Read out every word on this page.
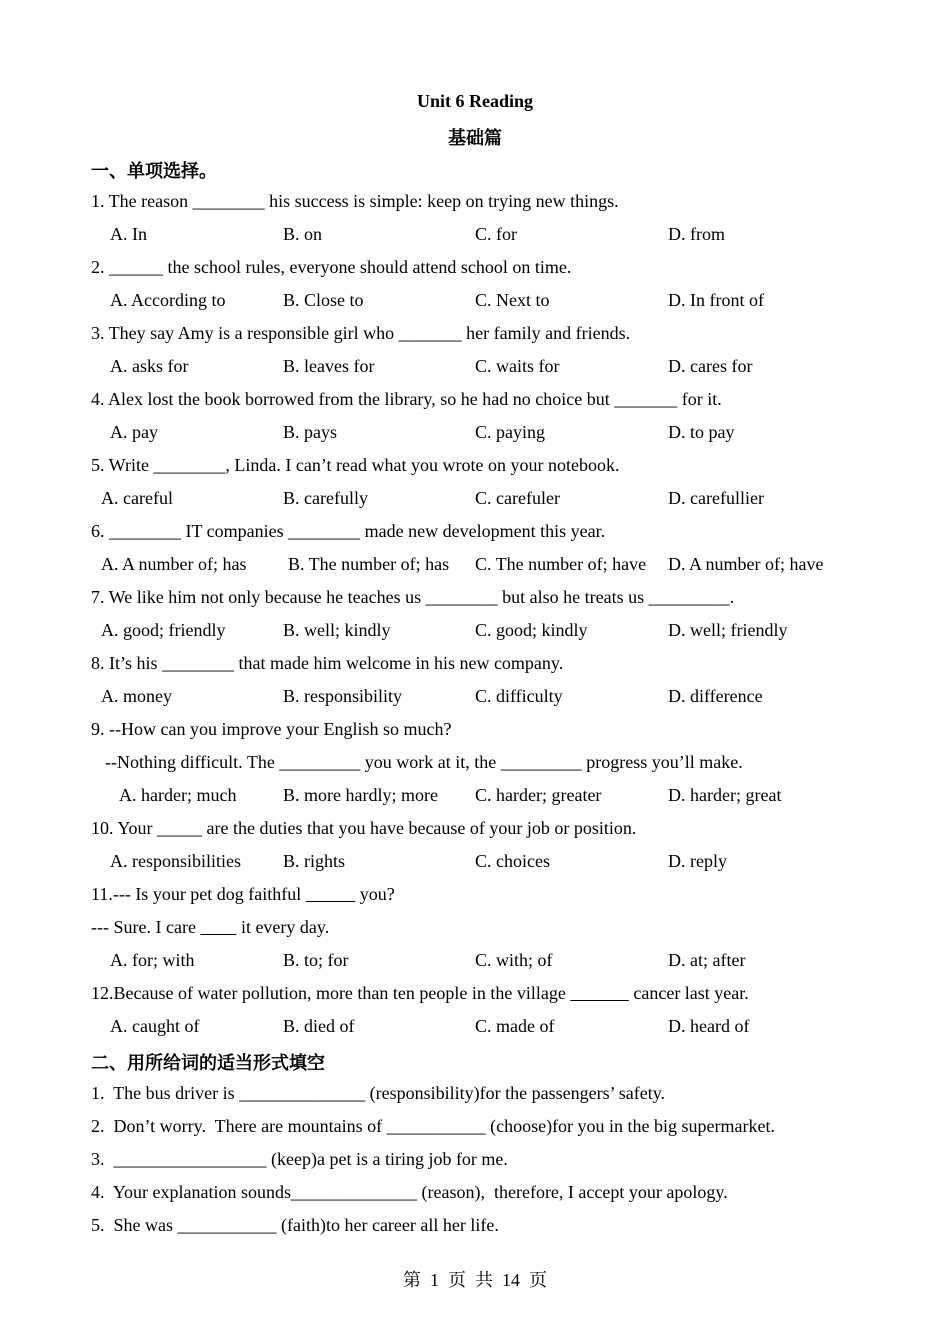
Unit 6 Reading
基础篇
一、单项选择。
1. The reason ________ his success is simple: keep on trying new things.
A. In	B. on	C. for	D. from
2. ______ the school rules, everyone should attend school on time.
A. According to	B. Close to	C. Next to	D. In front of
3. They say Amy is a responsible girl who _______ her family and friends.
A. asks for	B. leaves for	C. waits for	D. cares for
4. Alex lost the book borrowed from the library, so he had no choice but _______ for it.
A. pay	B. pays	C. paying	D. to pay
5. Write ________, Linda. I can’t read what you wrote on your notebook.
A. careful	B. carefully	C. carefuler	D. carefullier
6. ________ IT companies ________ made new development this year.
A. A number of; has B. The number of; has C. The number of; have D. A number of; have
7. We like him not only because he teaches us ________ but also he treats us _________.
A. good; friendly	B. well; kindly	C. good; kindly	D. well; friendly
8. It’s his ________ that made him welcome in his new company.
A. money	B. responsibility	C. difficulty	D. difference
9. --How can you improve your English so much?
--Nothing difficult. The _________ you work at it, the _________ progress you’ll make.
A. harder; much	B. more hardly; more C. harder; greater	D. harder; great
10. Your _____ are the duties that you have because of your job or position.
A. responsibilities B. rights	C. choices	D. reply
11.--- Is your pet dog faithful	you?
--- Sure. I care          it every day.
A. for; with	B. to; for	C. with; of	D. at; after
12.Because of water pollution, more than ten people in the village	cancer last year.
A. caught of	B. died of	C. made of	D. heard of
二、用所给词的适当形式填空
1.  The bus driver is ______________ (responsibility)for the passengers’ safety.
2.  Don’t worry.  There are mountains of ___________ (choose)for you in the big supermarket.
3.  _________________ (keep)a pet is a tiring job for me.
4.  Your explanation sounds______________ (reason),  therefore, I accept your apology.
5.  She was ___________ (faith)to her career all her life.
第  1  页  共  14  页
